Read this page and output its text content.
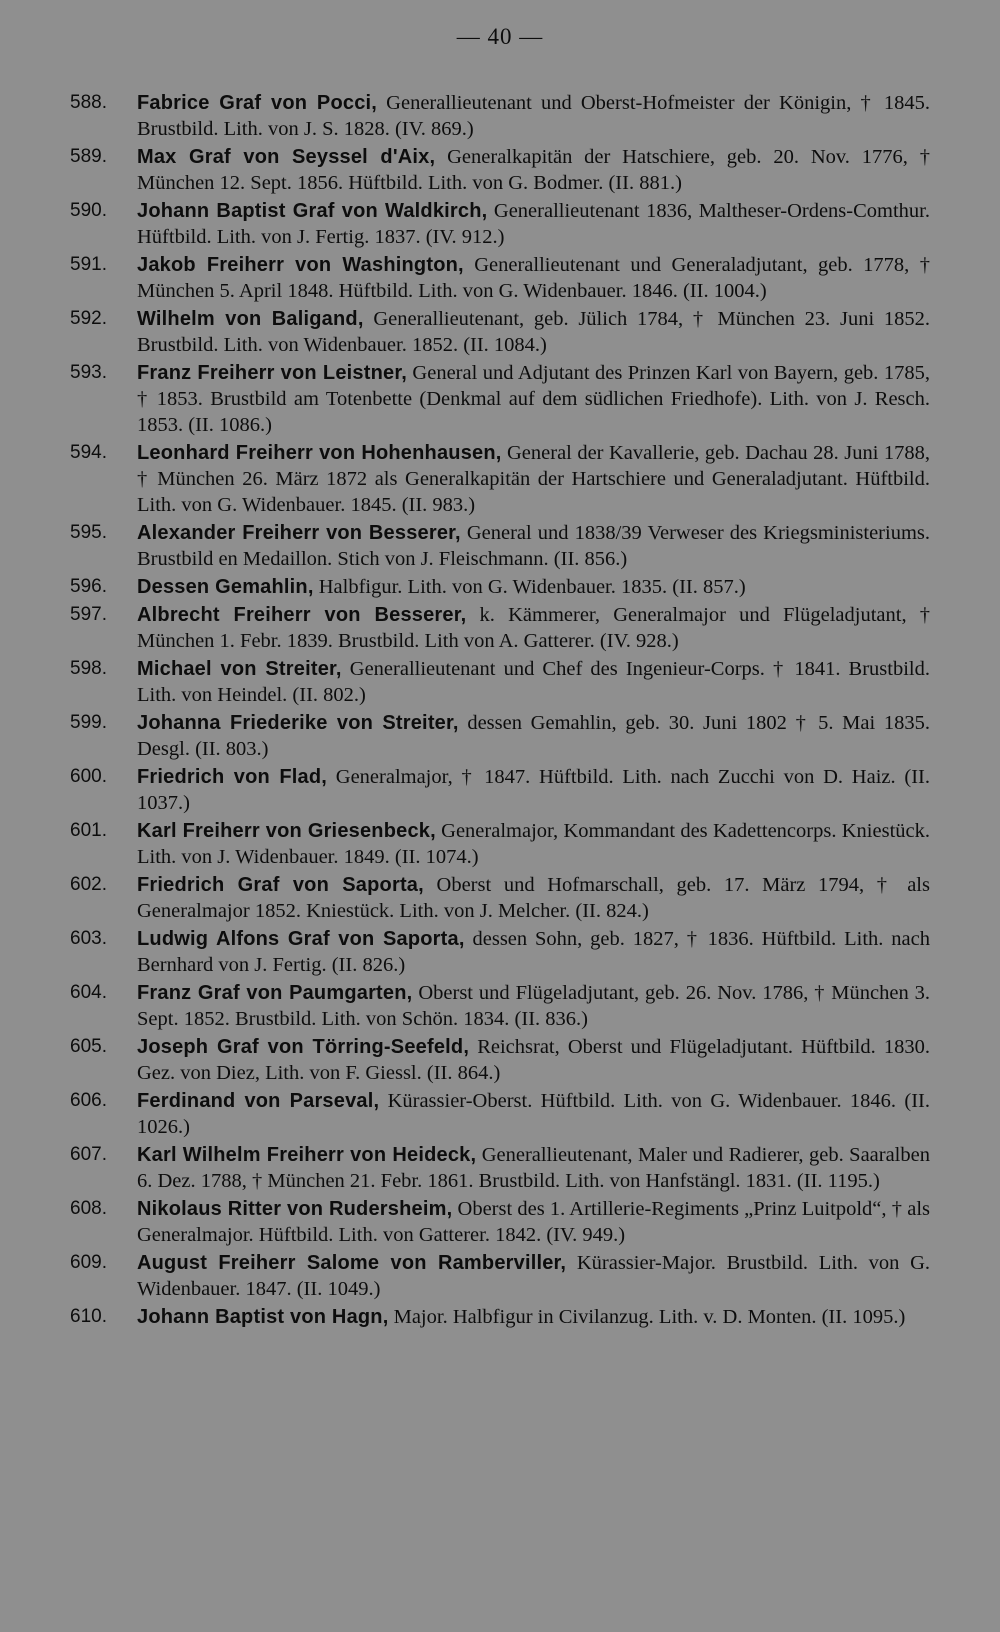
— 40 —
588.	Fabrice Graf von Pocci, Generallieutenant und Oberst-Hofmeister der Königin, † 1845. Brustbild. Lith. von J. S. 1828. (IV. 869.)
589.	Max Graf von Seyssel d'Aix, Generalkapitän der Hatschiere, geb. 20. Nov. 1776, † München 12. Sept. 1856. Hüftbild. Lith. von G. Bodmer. (II. 881.)
590.	Johann Baptist Graf von Waldkirch, Generallieutenant 1836, Maltheser-Ordens-Comthur. Hüftbild. Lith. von J. Fertig. 1837. (IV. 912.)
591.	Jakob Freiherr von Washington, Generallieutenant und Generaladjutant, geb. 1778, † München 5. April 1848. Hüftbild. Lith. von G. Widenbauer. 1846. (II. 1004.)
592.	Wilhelm von Baligand, Generallieutenant, geb. Jülich 1784, † München 23. Juni 1852. Brustbild. Lith. von Widenbauer. 1852. (II. 1084.)
593.	Franz Freiherr von Leistner, General und Adjutant des Prinzen Karl von Bayern, geb. 1785, † 1853. Brustbild am Totenbette (Denkmal auf dem südlichen Friedhofe). Lith. von J. Resch. 1853. (II. 1086.)
594.	Leonhard Freiherr von Hohenhausen, General der Kavallerie, geb. Dachau 28. Juni 1788, † München 26. März 1872 als Generalkapitän der Hartschiere und Generaladjutant. Hüftbild. Lith. von G. Widenbauer. 1845. (II. 983.)
595.	Alexander Freiherr von Besserer, General und 1838/39 Verweser des Kriegsministeriums. Brustbild en Medaillon. Stich von J. Fleischmann. (II. 856.)
596.	Dessen Gemahlin, Halbfigur. Lith. von G. Widenbauer. 1835. (II. 857.)
597.	Albrecht Freiherr von Besserer, k. Kämmerer, Generalmajor und Flügeladjutant, † München 1. Febr. 1839. Brustbild. Lith von A. Gatterer. (IV. 928.)
598.	Michael von Streiter, Generallieutenant und Chef des Ingenieur-Corps. † 1841. Brustbild. Lith. von Heindel. (II. 802.)
599.	Johanna Friederike von Streiter, dessen Gemahlin, geb. 30. Juni 1802 † 5. Mai 1835. Desgl. (II. 803.)
600.	Friedrich von Flad, Generalmajor, † 1847. Hüftbild. Lith. nach Zucchi von D. Haiz. (II. 1037.)
601.	Karl Freiherr von Griesenbeck, Generalmajor, Kommandant des Kadettencorps. Kniestück. Lith. von J. Widenbauer. 1849. (II. 1074.)
602.	Friedrich Graf von Saporta, Oberst und Hofmarschall, geb. 17. März 1794, † als Generalmajor 1852. Kniestück. Lith. von J. Melcher. (II. 824.)
603.	Ludwig Alfons Graf von Saporta, dessen Sohn, geb. 1827, † 1836. Hüftbild. Lith. nach Bernhard von J. Fertig. (II. 826.)
604.	Franz Graf von Paumgarten, Oberst und Flügeladjutant, geb. 26. Nov. 1786, † München 3. Sept. 1852. Brustbild. Lith. von Schön. 1834. (II. 836.)
605.	Joseph Graf von Törring-Seefeld, Reichsrat, Oberst und Flügeladjutant. Hüftbild. 1830. Gez. von Diez, Lith. von F. Giessl. (II. 864.)
606.	Ferdinand von Parseval, Kürassier-Oberst. Hüftbild. Lith. von G. Widenbauer. 1846. (II. 1026.)
607.	Karl Wilhelm Freiherr von Heideck, Generallieutenant, Maler und Radierer, geb. Saaralben 6. Dez. 1788, † München 21. Febr. 1861. Brustbild. Lith. von Hanfstängl. 1831. (II. 1195.)
608.	Nikolaus Ritter von Rudersheim, Oberst des 1. Artillerie-Regiments „Prinz Luitpold“, † als Generalmajor. Hüftbild. Lith. von Gatterer. 1842. (IV. 949.)
609.	August Freiherr Salome von Ramberviller, Kürassier-Major. Brustbild. Lith. von G. Widenbauer. 1847. (II. 1049.)
610.	Johann Baptist von Hagn, Major. Halbfigur in Civilanzug. Lith. v. D. Monten. (II. 1095.)
